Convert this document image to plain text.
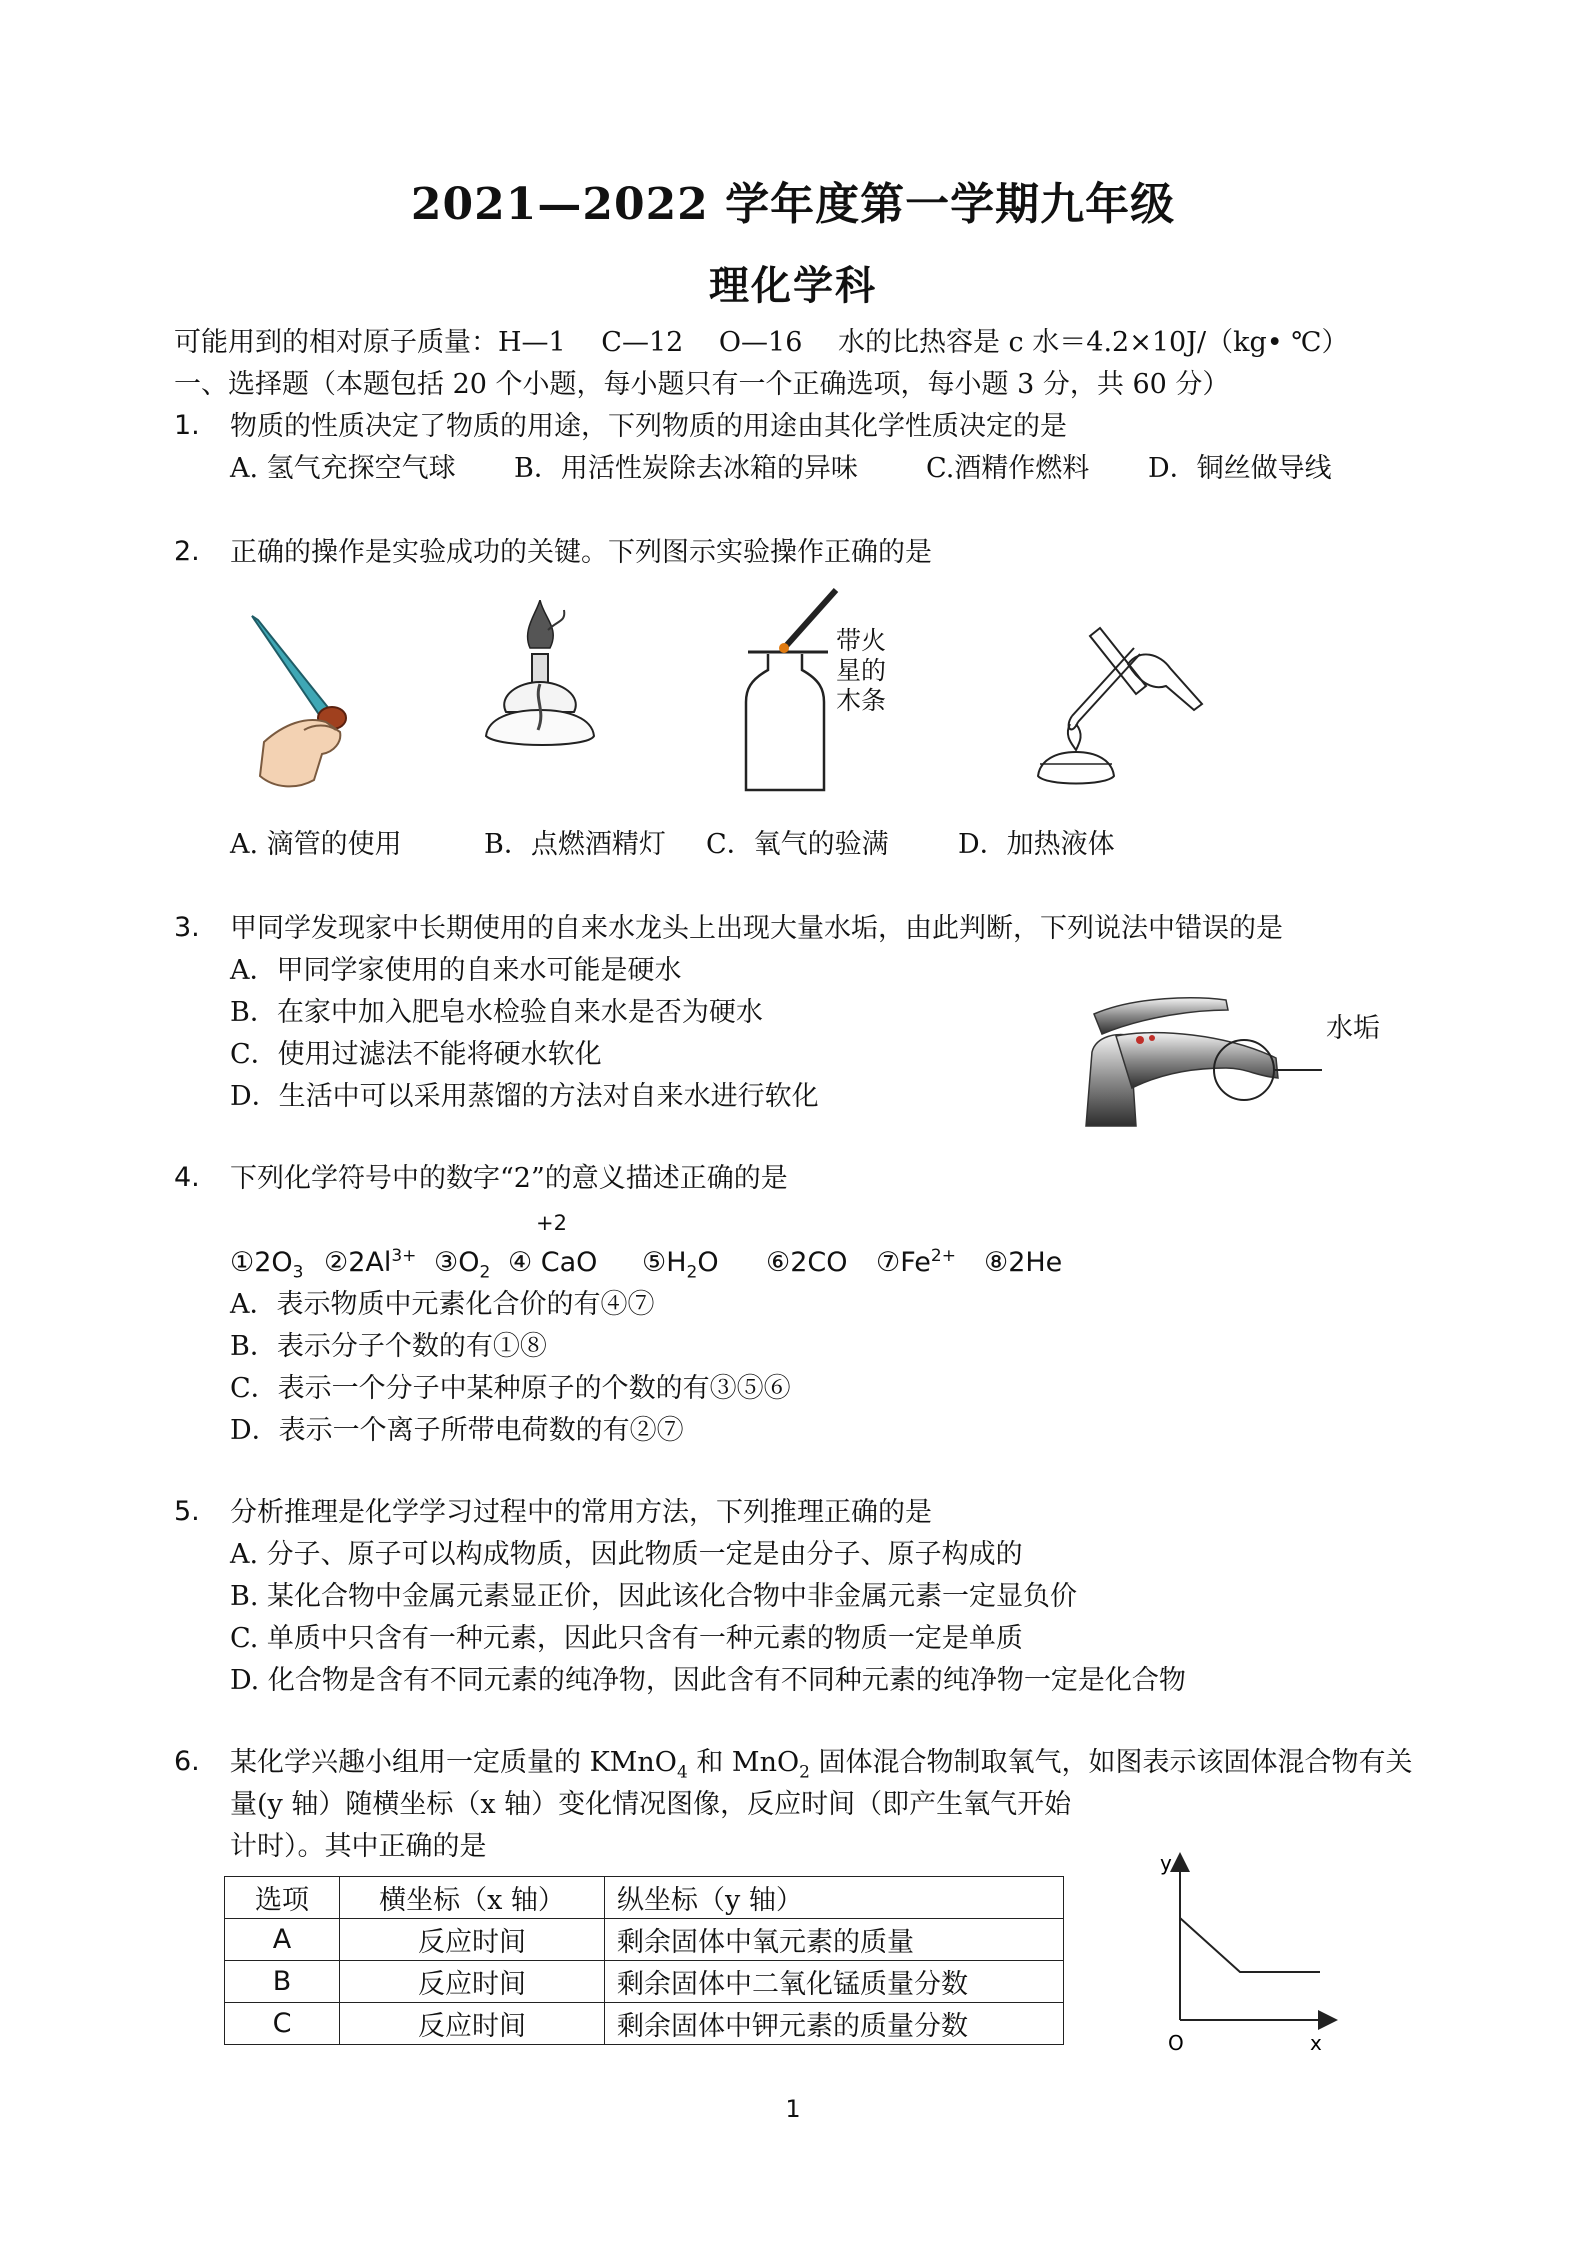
2021—2022 学年度第一学期九年级
理化学科
可能用到的相对原子质量：H—1　 C—12　 O—16　 水的比热容是 c 水＝4.2×10J/（kg• ℃）
一、选择题（本题包括 20 个小题，每小题只有一个正确选项，每小题 3 分，共 60 分）
1. 物质的性质决定了物质的用途，下列物质的用途由其化学性质决定的是
A. 氢气充探空气球 B．用活性炭除去冰箱的异味	C.酒精作燃料 D．铜丝做导线
2. 正确的操作是实验成功的关键。下列图示实验操作正确的是
带火
星的
木条
A. 滴管的使用	B．点燃酒精灯 C．氧气的验满	D．加热液体
3. 甲同学发现家中长期使用的自来水龙头上出现大量水垢，由此判断，下列说法中错误的是
A．甲同学家使用的自来水可能是硬水
B．在家中加入肥皂水检验自来水是否为硬水
C．使用过滤法不能将硬水软化
D．生活中可以采用蒸馏的方法对自来水进行软化
水垢
4. 下列化学符号中的数字“2”的意义描述正确的是
+2
$①2O_3$ $②2Al^{3+}$ $③O_2$ ④ CaO $⑤H_2O$ ⑥2CO $⑦Fe^{2+}$ ⑧2He
A．表示物质中元素化合价的有④⑦
B．表示分子个数的有①⑧
C．表示一个分子中某种原子的个数的有③⑤⑥
D．表示一个离子所带电荷数的有②⑦
5. 分析推理是化学学习过程中的常用方法，下列推理正确的是
A. 分子、原子可以构成物质，因此物质一定是由分子、原子构成的
B. 某化合物中金属元素显正价，因此该化合物中非金属元素一定显负价
C. 单质中只含有一种元素，因此只含有一种元素的物质一定是单质
D. 化合物是含有不同元素的纯净物，因此含有不同种元素的纯净物一定是化合物
6. 某化学兴趣小组用一定质量的 KMnO$_4$ 和 MnO$_2$ 固体混合物制取氧气，如图表示该固体混合物有关
量(y 轴）随横坐标（x 轴）变化情况图像，反应时间（即产生氧气开始
计时）。其中正确的是
选项	横坐标（x 轴）	纵坐标（y 轴）
A	反应时间	剩余固体中氧元素的质量
B	反应时间	剩余固体中二氧化锰质量分数
C	反应时间	剩余固体中钾元素的质量分数
y
x
O
1
